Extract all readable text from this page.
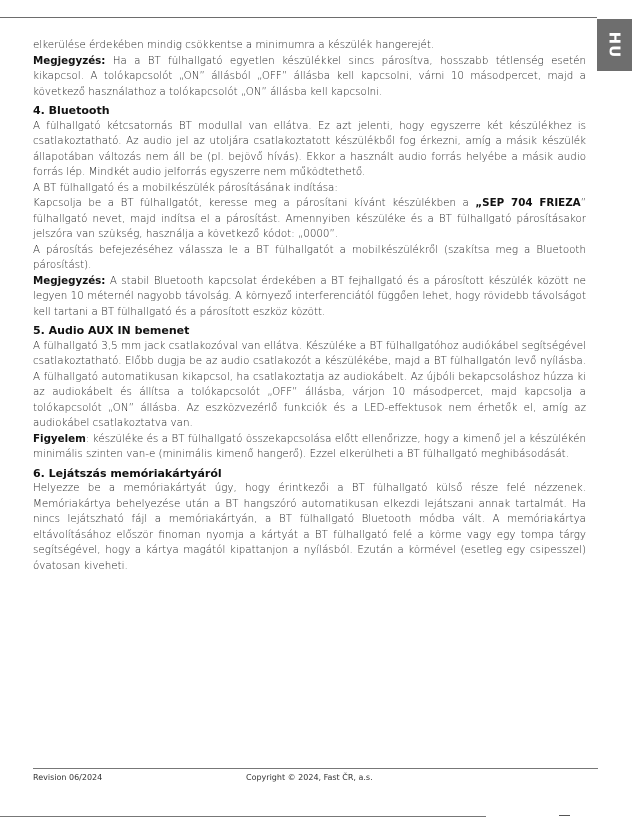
HU

elkerülése érdekében mindig csökkentse a minimumra a készülék hangerejét.

Megjegyzés: Ha a BT fülhallgató egyetlen készülékkel sincs párosítva, hosszabb tétlenség esetén kikapcsol. A tolókapcsolót „ON” állásból „OFF” állásba kell kapcsolni, várni 10 másodpercet, majd a következő használathoz a tolókapcsolót „ON” állásba kell kapcsolni.

4. Bluetooth

A fülhallgató kétcsatornás BT modullal van ellátva. Ez azt jelenti, hogy egyszerre két készülékhez is csatlakoztatható. Az audio jel az utoljára csatlakoztatott készülékből fog érkezni, amíg a másik készülék állapotában változás nem áll be (pl. bejövő hívás). Ekkor a használt audio forrás helyébe a másik audio forrás lép. Mindkét audio jelforrás egyszerre nem működtethető.

A BT fülhallgató és a mobilkészülék párosításának indítása:

Kapcsolja be a BT fülhallgatót, keresse meg a párosítani kívánt készülékben a „SEP 704 FRIEZA” fülhallgató nevet, majd indítsa el a párosítást. Amennyiben készüléke és a BT fülhallgató párosításakor jelszóra van szükség, használja a következő kódot: „0000”.

A párosítás befejezéséhez válassza le a BT fülhallgatót a mobilkészülékről (szakítsa meg a Bluetooth párosítást).

Megjegyzés: A stabil Bluetooth kapcsolat érdekében a BT fejhallgató és a párosított készülék között ne legyen 10 méternél nagyobb távolság. A környező interferenciától függően lehet, hogy rövidebb távolságot kell tartani a BT fülhallgató és a párosított eszköz között.

5. Audio AUX IN bemenet

A fülhallgató 3,5 mm jack csatlakozóval van ellátva. Készüléke a BT fülhallgatóhoz audiókábel segítségével csatlakoztatható. Előbb dugja be az audio csatlakozót a készülékébe, majd a BT fülhallgatón levő nyílásba. A fülhallgató automatikusan kikapcsol, ha csatlakoztatja az audiokábelt. Az újbóli bekapcsoláshoz húzza ki az audiokábelt és állítsa a tolókapcsolót „OFF” állásba, várjon 10 másodpercet, majd kapcsolja a tolókapcsolót „ON” állásba. Az eszközvezérlő funkciók és a LED-effektusok nem érhetők el, amíg az audiokábel csatlakoztatva van.

Figyelem: készüléke és a BT fülhallgató összekapcsolása előtt ellenőrizze, hogy a kimenő jel a készülékén minimális szinten van-e (minimális kimenő hangerő). Ezzel elkerülheti a BT fülhallgató meghibásodását.

6. Lejátszás memóriakártyáról

Helyezze be a memóriakártyát úgy, hogy érintkezői a BT fülhallgató külső része felé nézzenek. Memóriakártya behelyezése után a BT hangszóró automatikusan elkezdi lejátszani annak tartalmát. Ha nincs lejátszható fájl a memóriakártyán, a BT fülhallgató Bluetooth módba vált. A memóriakártya eltávolításához először finoman nyomja a kártyát a BT fülhallgató felé a körme vagy egy tompa tárgy segítségével, hogy a kártya magától kipattanjon a nyílásból. Ezután a körmével (esetleg egy csipesszel) óvatosan kiveheti.

Revision 06/2024	Copyright © 2024, Fast ČR, a.s.
